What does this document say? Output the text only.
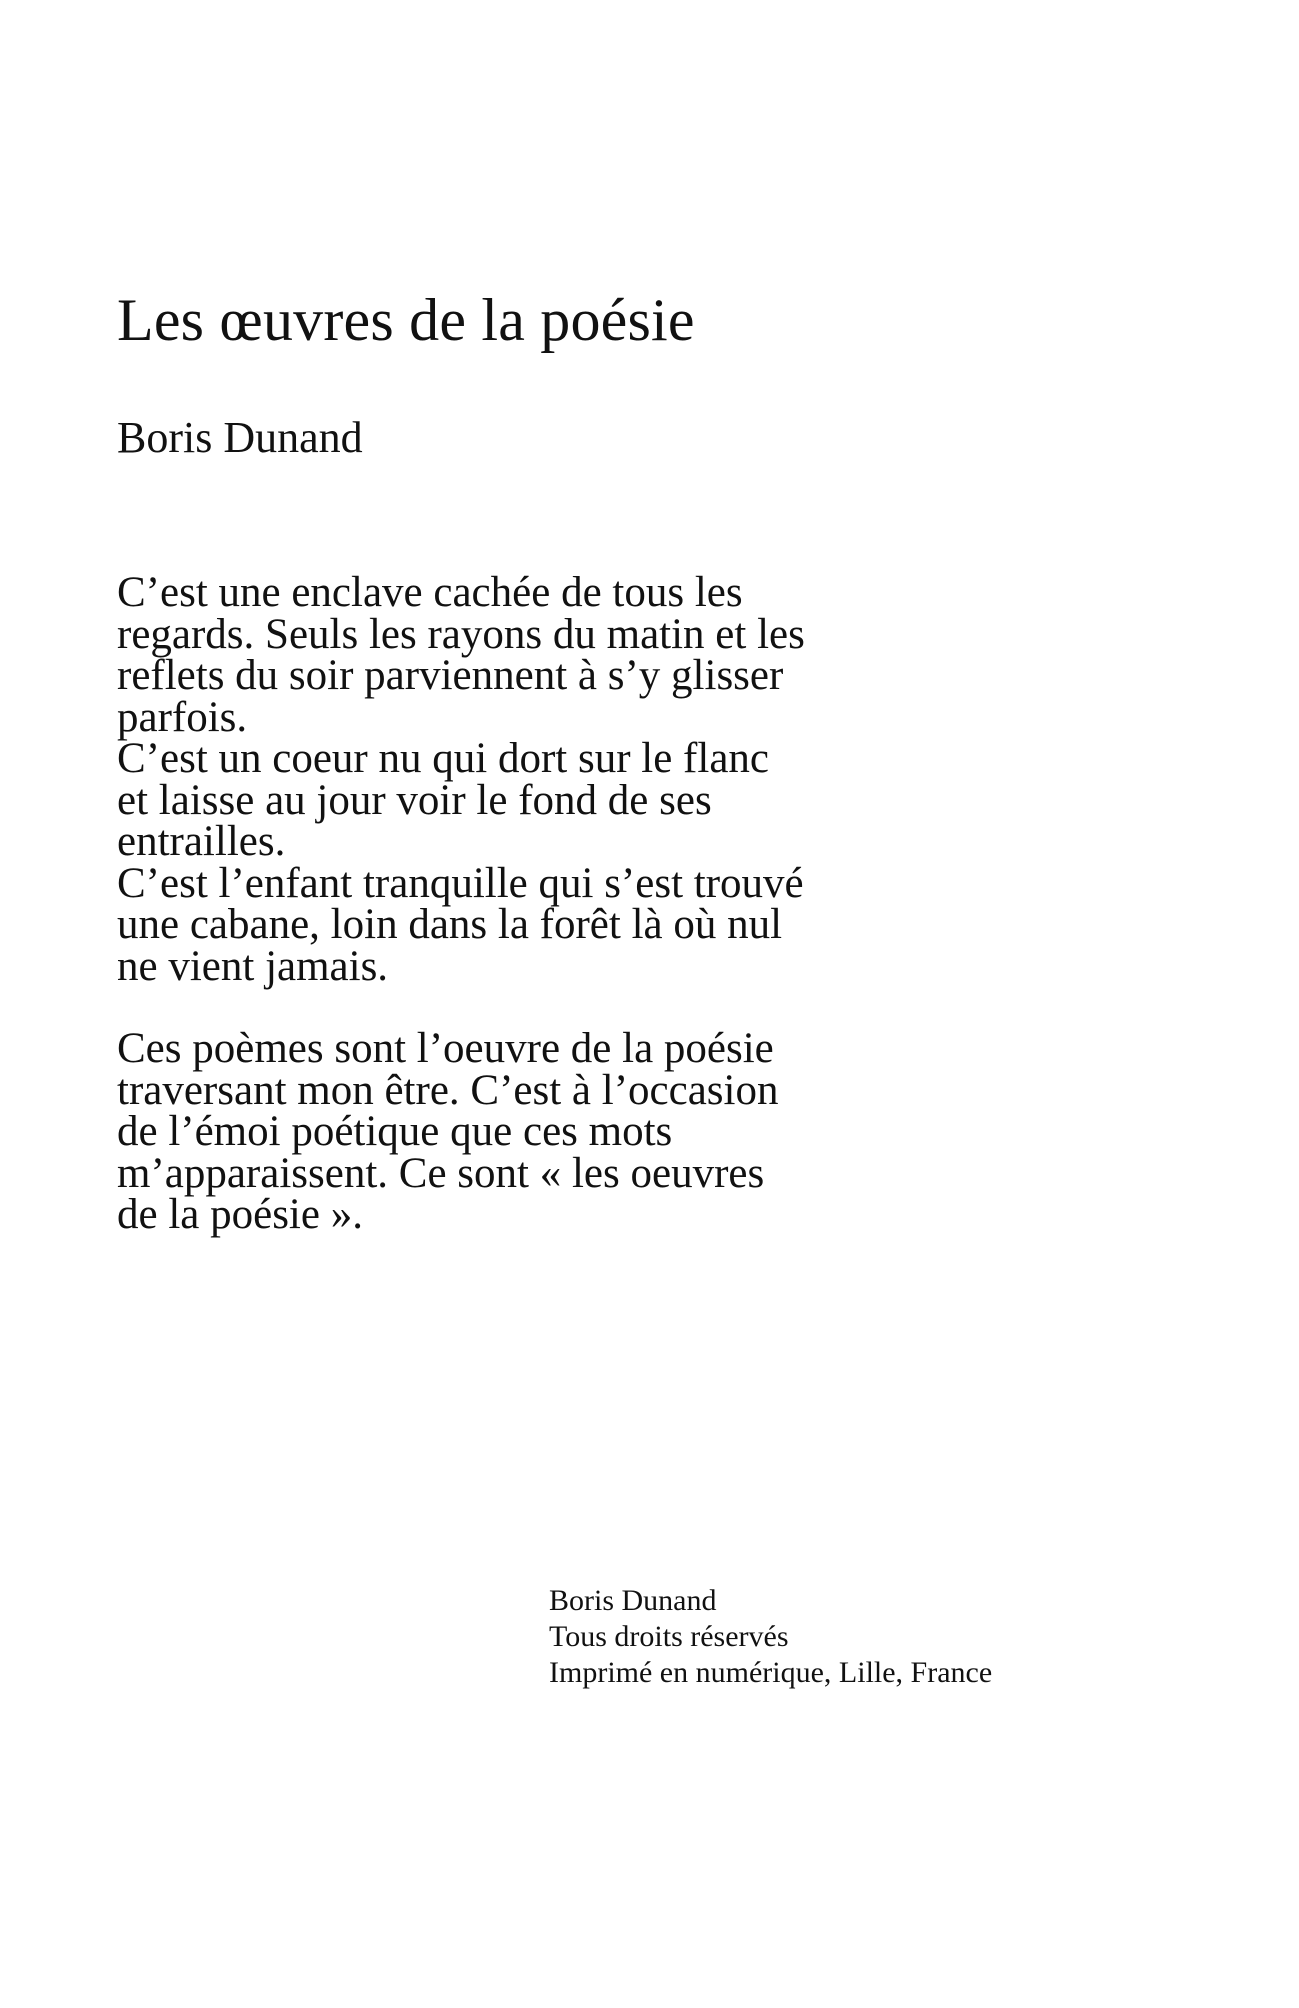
Les œuvres de la poésie

Boris Dunand

C’est une enclave cachée de tous les
regards. Seuls les rayons du matin et les
reflets du soir parviennent à s’y glisser
parfois.
C’est un coeur nu qui dort sur le flanc
et laisse au jour voir le fond de ses
entrailles.
C’est l’enfant tranquille qui s’est trouvé
une cabane, loin dans la forêt là où nul
ne vient jamais.

Ces poèmes sont l’oeuvre de la poésie
traversant mon être. C’est à l’occasion
de l’émoi poétique que ces mots
m’apparaissent. Ce sont « les oeuvres
de la poésie ».

Boris Dunand
Tous droits réservés
Imprimé en numérique, Lille, France
